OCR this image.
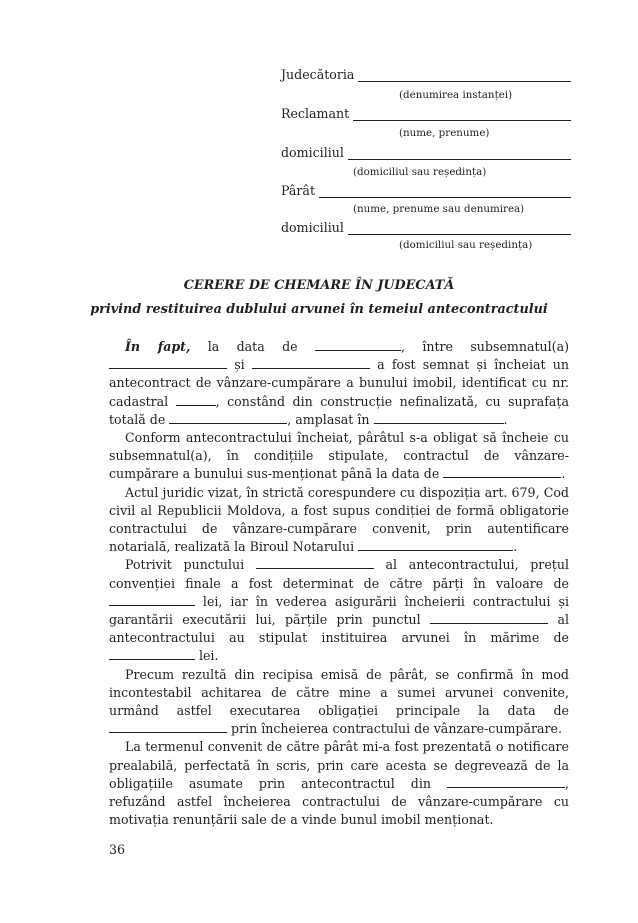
Judecătoria
(denumirea instanței)
Reclamant
(nume, prenume)
domiciliul
(domiciliul sau reședința)
Pârât
(nume, prenume sau denumirea)
domiciliul
(domiciliul sau reședința)
CERERE DE CHEMARE ÎN JUDECATĂ
privind restituirea dublului arvunei în temeiul antecontractului

În fapt, la data de	, între subsemnatul(a)  și	a fost semnat și încheiat un antecontract de vânzare-cumpărare a bunului imobil, identificat cu nr. cadastral	, constând din construcție nefinalizată, cu suprafața totală de	, amplasat în	.

Conform antecontractului încheiat, pârâtul s-a obligat să încheie cu subsemnatul(a), în condițiile stipulate, contractul de vânzare-cumpărare a bunului sus-menționat până la data de	.

Actul juridic vizat, în strictă corespundere cu dispoziția art. 679, Cod civil al Republicii Moldova, a fost supus condiției de formă obligatorie contractului de vânzare-cumpărare convenit, prin autentificare notarială, realizată la Biroul Notarului	.

Potrivit punctului	al antecontractului, prețul convenției finale a fost determinat de către părți în valoare de  lei, iar în vederea asigurării încheierii contractului și garantării executării lui, părțile prin punctul	al antecontractului au stipulat instituirea arvunei în mărime de  lei.

Precum rezultă din recipisa emisă de pârât, se confirmă în mod incontestabil achitarea de către mine a sumei arvunei convenite, urmând astfel executarea obligației principale la data de  prin încheierea contractului de vânzare-cumpărare.

La termenul convenit de către pârât mi-a fost prezentată o notificare prealabilă, perfectată în scris, prin care acesta se degrevează de la obligațiile asumate prin antecontractul din	, refuzând astfel încheierea contractului de vânzare-cumpărare cu motivația renunțării sale de a vinde bunul imobil menționat.

36
